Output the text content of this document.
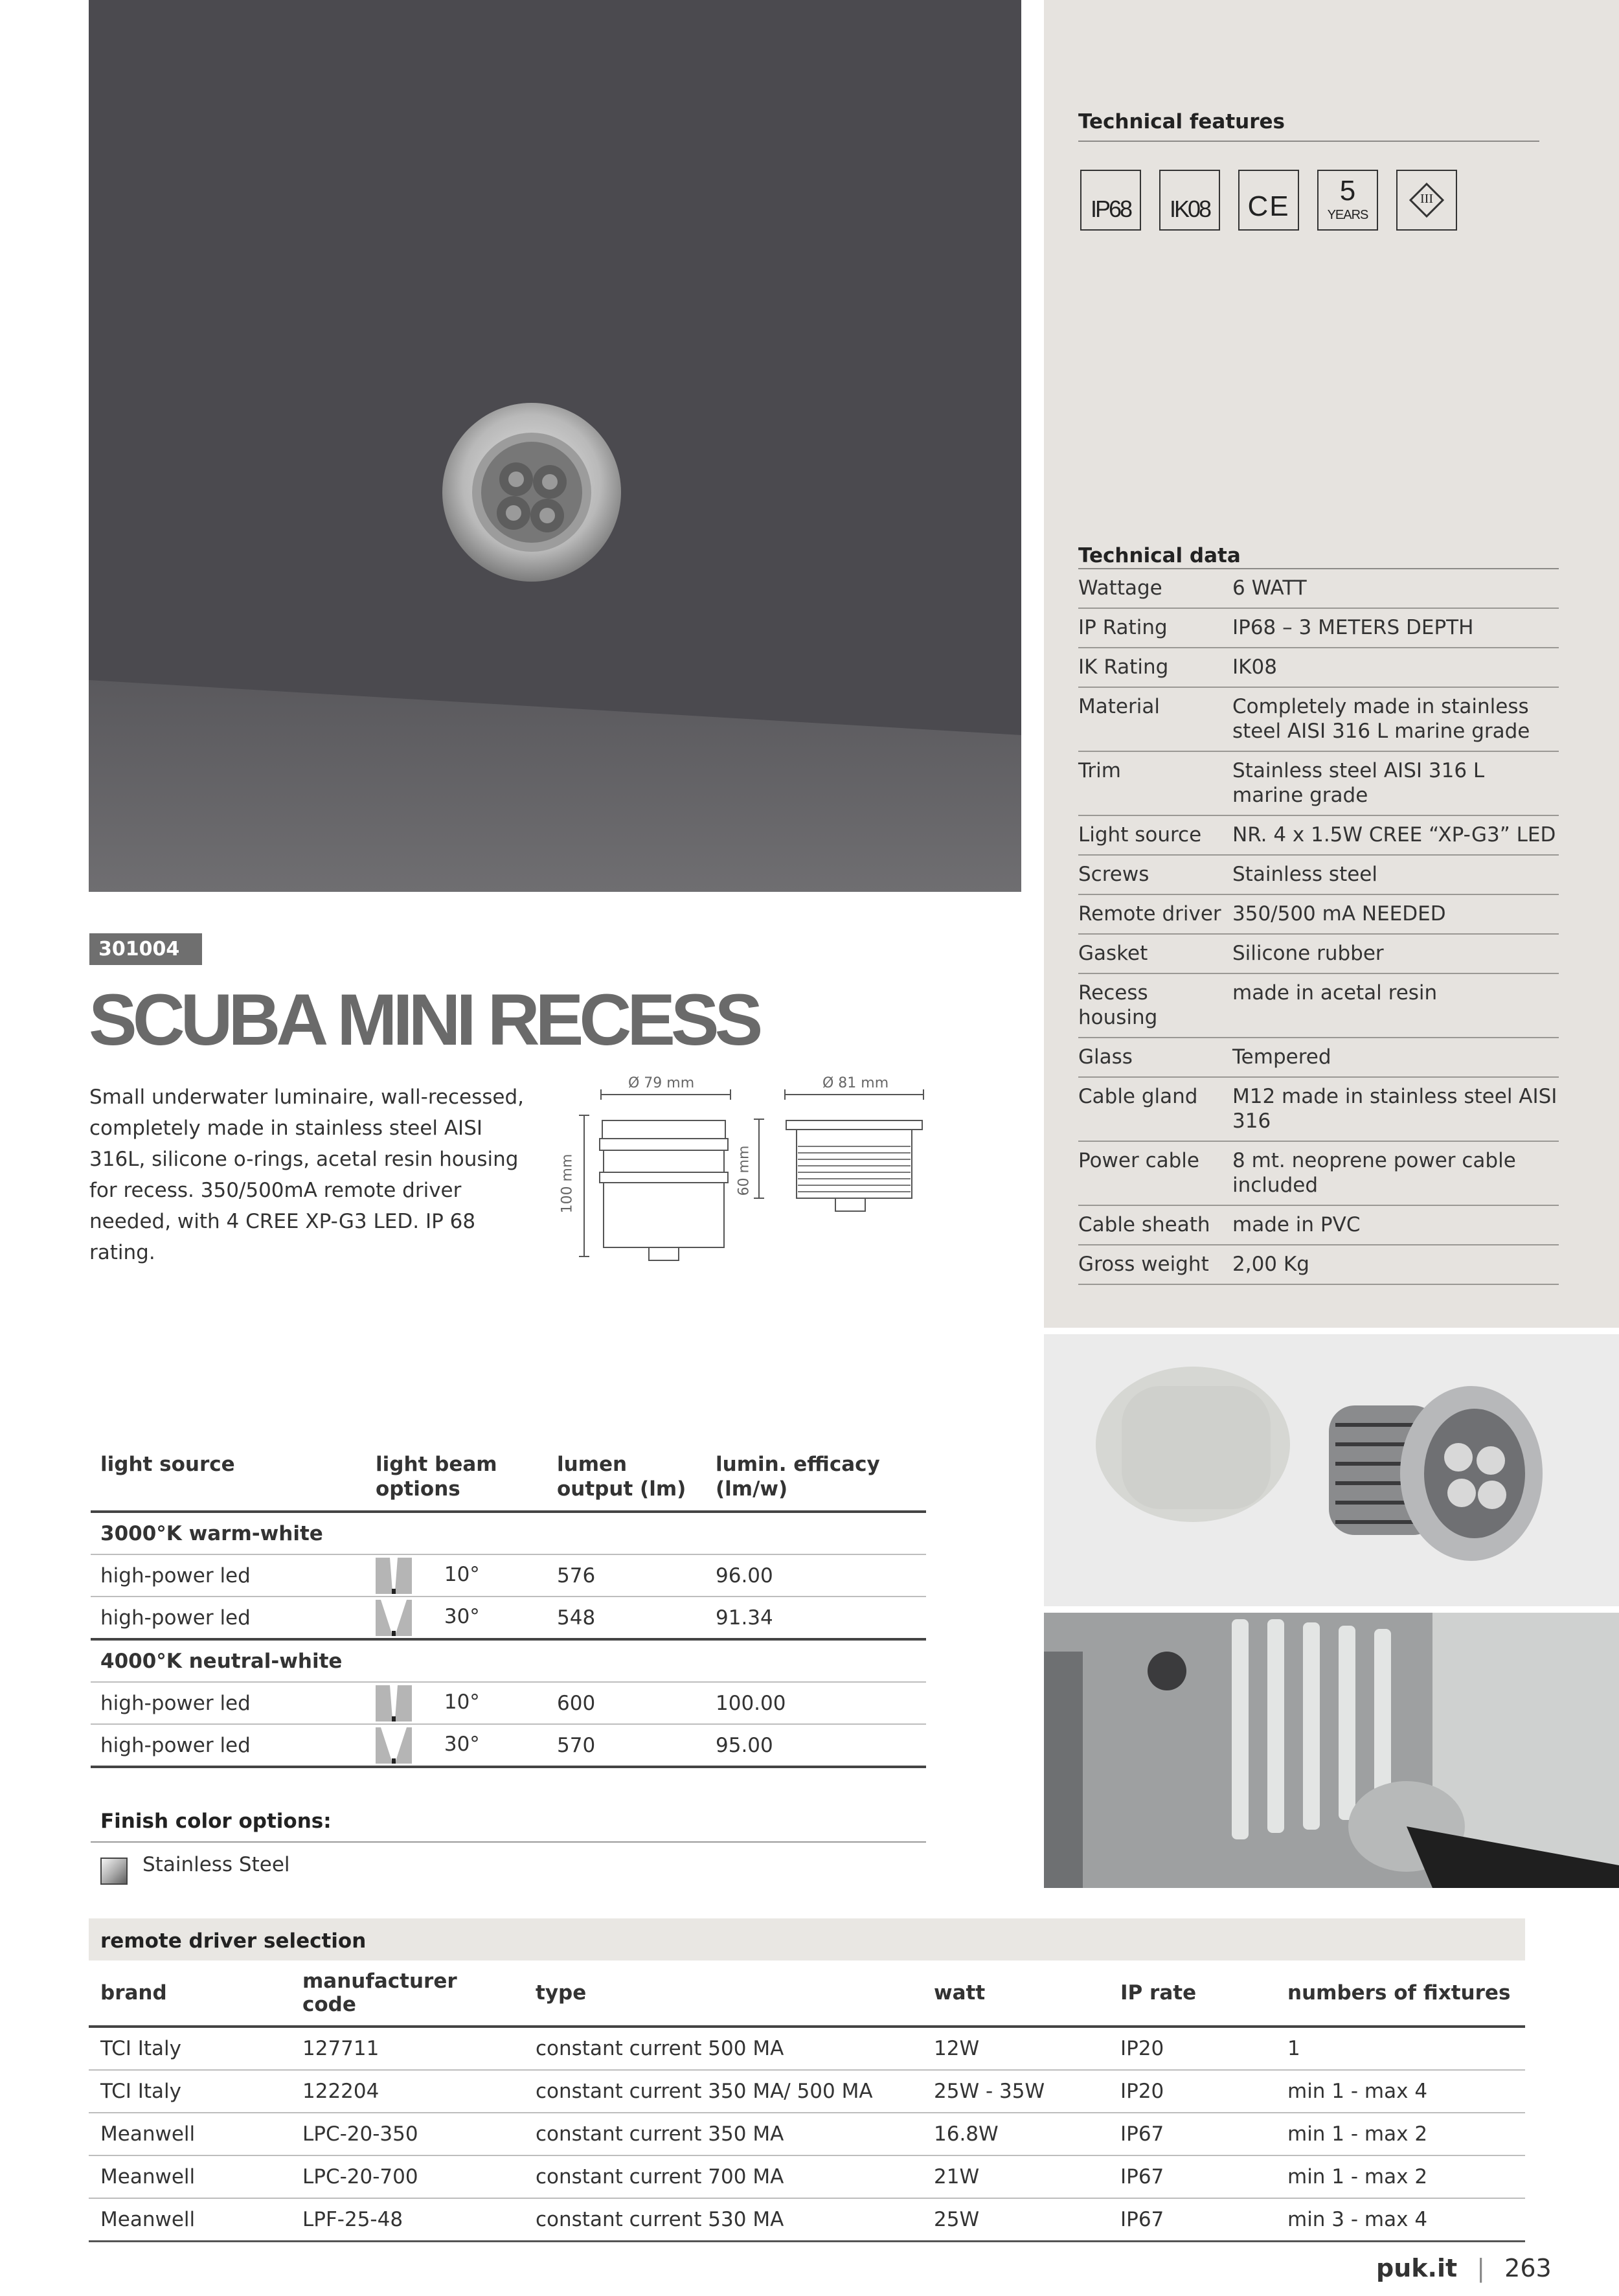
Technical features
IP68	IK08	CE	5
YEARS
III
Technical data
Wattage	6 WATT
IP Rating	IP68 – 3 METERS DEPTH
IK Rating	IK08
Material	Completely made in stainless steel AISI 316 L marine grade
Trim	Stainless steel AISI 316 L marine grade
Light source	NR. 4 x 1.5W CREE “XP-G3” LED
Screws	Stainless steel
Remote driver	350/500 mA NEEDED
Gasket	Silicone rubber
Recess housing	made in acetal resin
Glass	Tempered
Cable gland	M12 made in stainless steel AISI 316
Power cable	8 mt. neoprene power cable included
Cable sheath	made in PVC
Gross weight	2,00 Kg
301004
SCUBA MINI RECESS
Small underwater luminaire, wall-recessed, completely made in stainless steel AISI 316L, silicone o-rings, acetal resin housing for recess. 350/500mA remote driver needed, with 4 CREE XP-G3 LED. IP 68 rating.
Ø 79 mm	Ø 81 mm
100 mm	60 mm
light source	light beam options	lumen output (lm)	lumin. efficacy (lm/w)
3000°K warm-white			
high-power led	10°	576	96.00
high-power led	30°	548	91.34
4000°K neutral-white			
high-power led	10°	600	100.00
high-power led	30°	570	95.00
Finish color options:
Stainless Steel
remote driver selection
brand	manufacturer code	type	watt	IP rate	numbers of fixtures
TCI Italy	127711	constant current 500 MA	12W	IP20	1
TCI Italy	122204	constant current 350 MA/ 500 MA	25W - 35W	IP20	min 1 - max 4
Meanwell	LPC-20-350	constant current 350 MA	16.8W	IP67	min 1 - max 2
Meanwell	LPC-20-700	constant current 700 MA	21W	IP67	min 1 - max 2
Meanwell	LPF-25-48	constant current 530 MA	25W	IP67	min 3 - max 4
puk.it | 263
